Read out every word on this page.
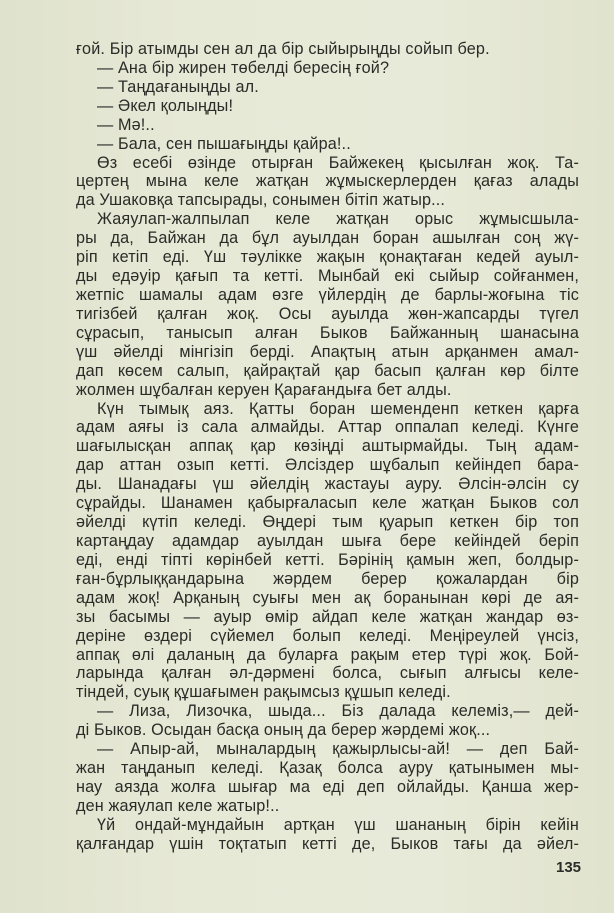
ғой. Бір атымды сен ал да бір сыйырыңды сойып бер.
— Ана бір жирен төбелді бересің ғой?
— Таңдағаныңды ал.
— Әкел қолыңды!
— Мә!..
— Бала, сен пышағыңды қайра!..
Өз есебі өзінде отырған Байжекең қысылған жоқ. Та-
цертең мына келе жатқан жұмыскерлерден қағаз алады
да Ушаковқа тапсырады, сонымен бітіп жатыр...
Жаяулап-жалпылап келе жатқан орыс жұмысшыла-
ры да, Байжан да бұл ауылдан боран ашылған соң жү-
ріп кетіп еді. Үш тәулікке жақын қонақтаған кедей ауыл-
ды едәуір қағып та кетті. Мынбай екі сыйыр сойғанмен,
жетпіс шамалы адам өзге үйлердің де барлы-жоғына тіс
тигізбей қалған жоқ. Осы ауылда жөн-жапсарды түгел
сұрасып, танысып алған Быков Байжанның шанасына
үш әйелді мінгізіп берді. Апақтың атын арқанмен амал-
дап көсем салып, қайрақтай қар басып қалған көр білте
жолмен шұбалған керуен Қарағандыға бет алды.
Күн тымық аяз. Қатты боран шеменденп кеткен қарға
адам аяғы із сала алмайды. Аттар оппалап келеді. Күнге
шағылысқан аппақ қар көзіңді аштырмайды. Тың адам-
дар аттан озып кетті. Әлсіздер шұбалып кейіндеп бара-
ды. Шанадағы үш әйелдің жастауы ауру. Әлсін-әлсін су
сұрайды. Шанамен қабырғаласып келе жатқан Быков сол
әйелді күтіп келеді. Өңдері тым қуарып кеткен бір топ
картаңдау адамдар ауылдан шыға бере кейіндей беріп
еді, енді тіпті көрінбей кетті. Бәрінің қамын жеп, болдыр-
ған-бұрлыққандарына жәрдем берер қожалардан бір
адам жоқ! Арқаның суығы мен ақ боранынан көрі де ая-
зы басымы — ауыр өмір айдап келе жатқан жандар өз-
деріне өздері сүйемел болып келеді. Меңіреулей үнсіз,
аппақ өлі даланың да буларға рақым етер түрі жоқ. Бой-
ларында қалған әл-дәрмені болса, сығып алғысы келе-
тіндей, суық құшағымен рақымсыз құшып келеді.
— Лиза, Лизочка, шыда... Біз далада келеміз,— дей-
ді Быков. Осыдан басқа оның да берер жәрдемі жоқ...
— Апыр-ай, мыналардың қажырлысы-ай! — деп Бай-
жан таңданып келеді. Қазақ болса ауру қатынымен мы-
нау аязда жолға шығар ма еді деп ойлайды. Қанша жер-
ден жаяулап келе жатыр!..
Үй ондай-мұндайын артқан үш шананың бірін кейін
қалғандар үшін тоқтатып кетті де, Быков тағы да әйел-
135
